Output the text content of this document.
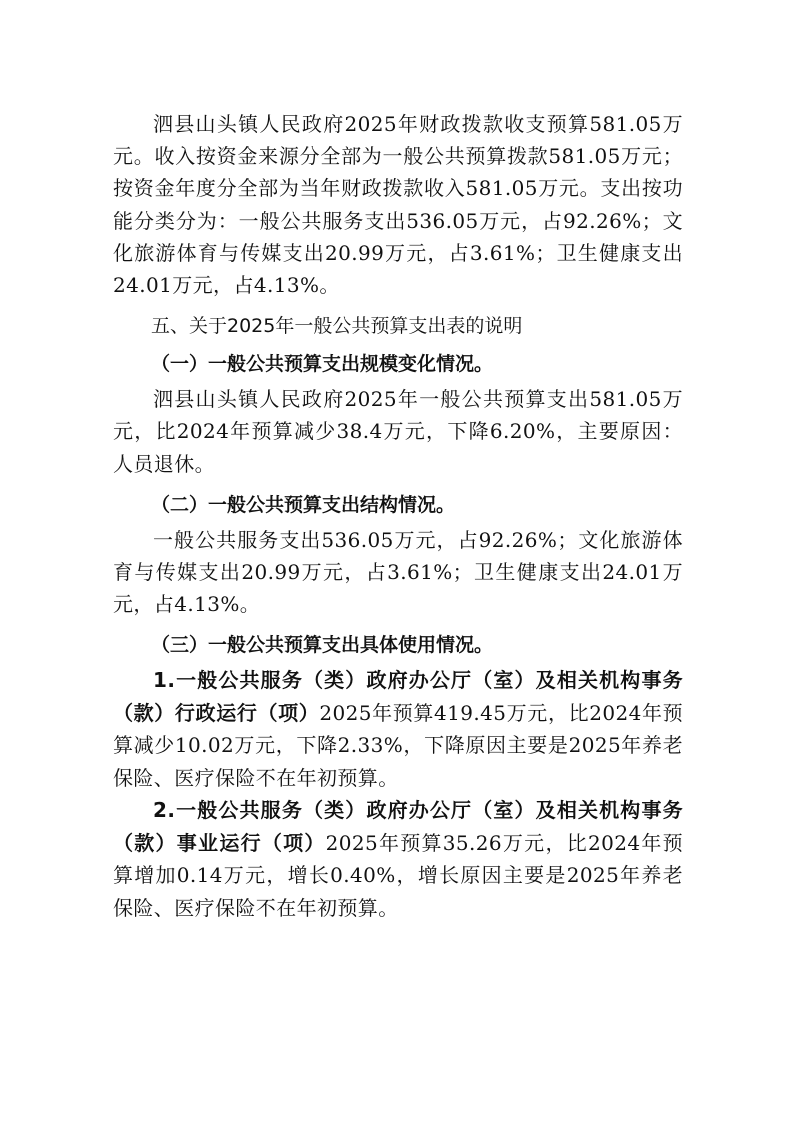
泗县山头镇人民政府2025年财政拨款收支预算581.05万元。收入按资金来源分全部为一般公共预算拨款581.05万元；按资金年度分全部为当年财政拨款收入581.05万元。支出按功能分类分为：一般公共服务支出536.05万元，占92.26%；文化旅游体育与传媒支出20.99万元，占3.61%；卫生健康支出24.01万元，占4.13%。

五、关于2025年一般公共预算支出表的说明

（一）一般公共预算支出规模变化情况。

泗县山头镇人民政府2025年一般公共预算支出581.05万元，比2024年预算减少38.4万元，下降6.20%，主要原因：人员退休。

（二）一般公共预算支出结构情况。

一般公共服务支出536.05万元，占92.26%；文化旅游体育与传媒支出20.99万元，占3.61%；卫生健康支出24.01万元，占4.13%。

（三）一般公共预算支出具体使用情况。

1.一般公共服务（类）政府办公厅（室）及相关机构事务（款）行政运行（项）2025年预算419.45万元，比2024年预算减少10.02万元，下降2.33%，下降原因主要是2025年养老保险、医疗保险不在年初预算。

2.一般公共服务（类）政府办公厅（室）及相关机构事务（款）事业运行（项）2025年预算35.26万元，比2024年预算增加0.14万元，增长0.40%，增长原因主要是2025年养老保险、医疗保险不在年初预算。
